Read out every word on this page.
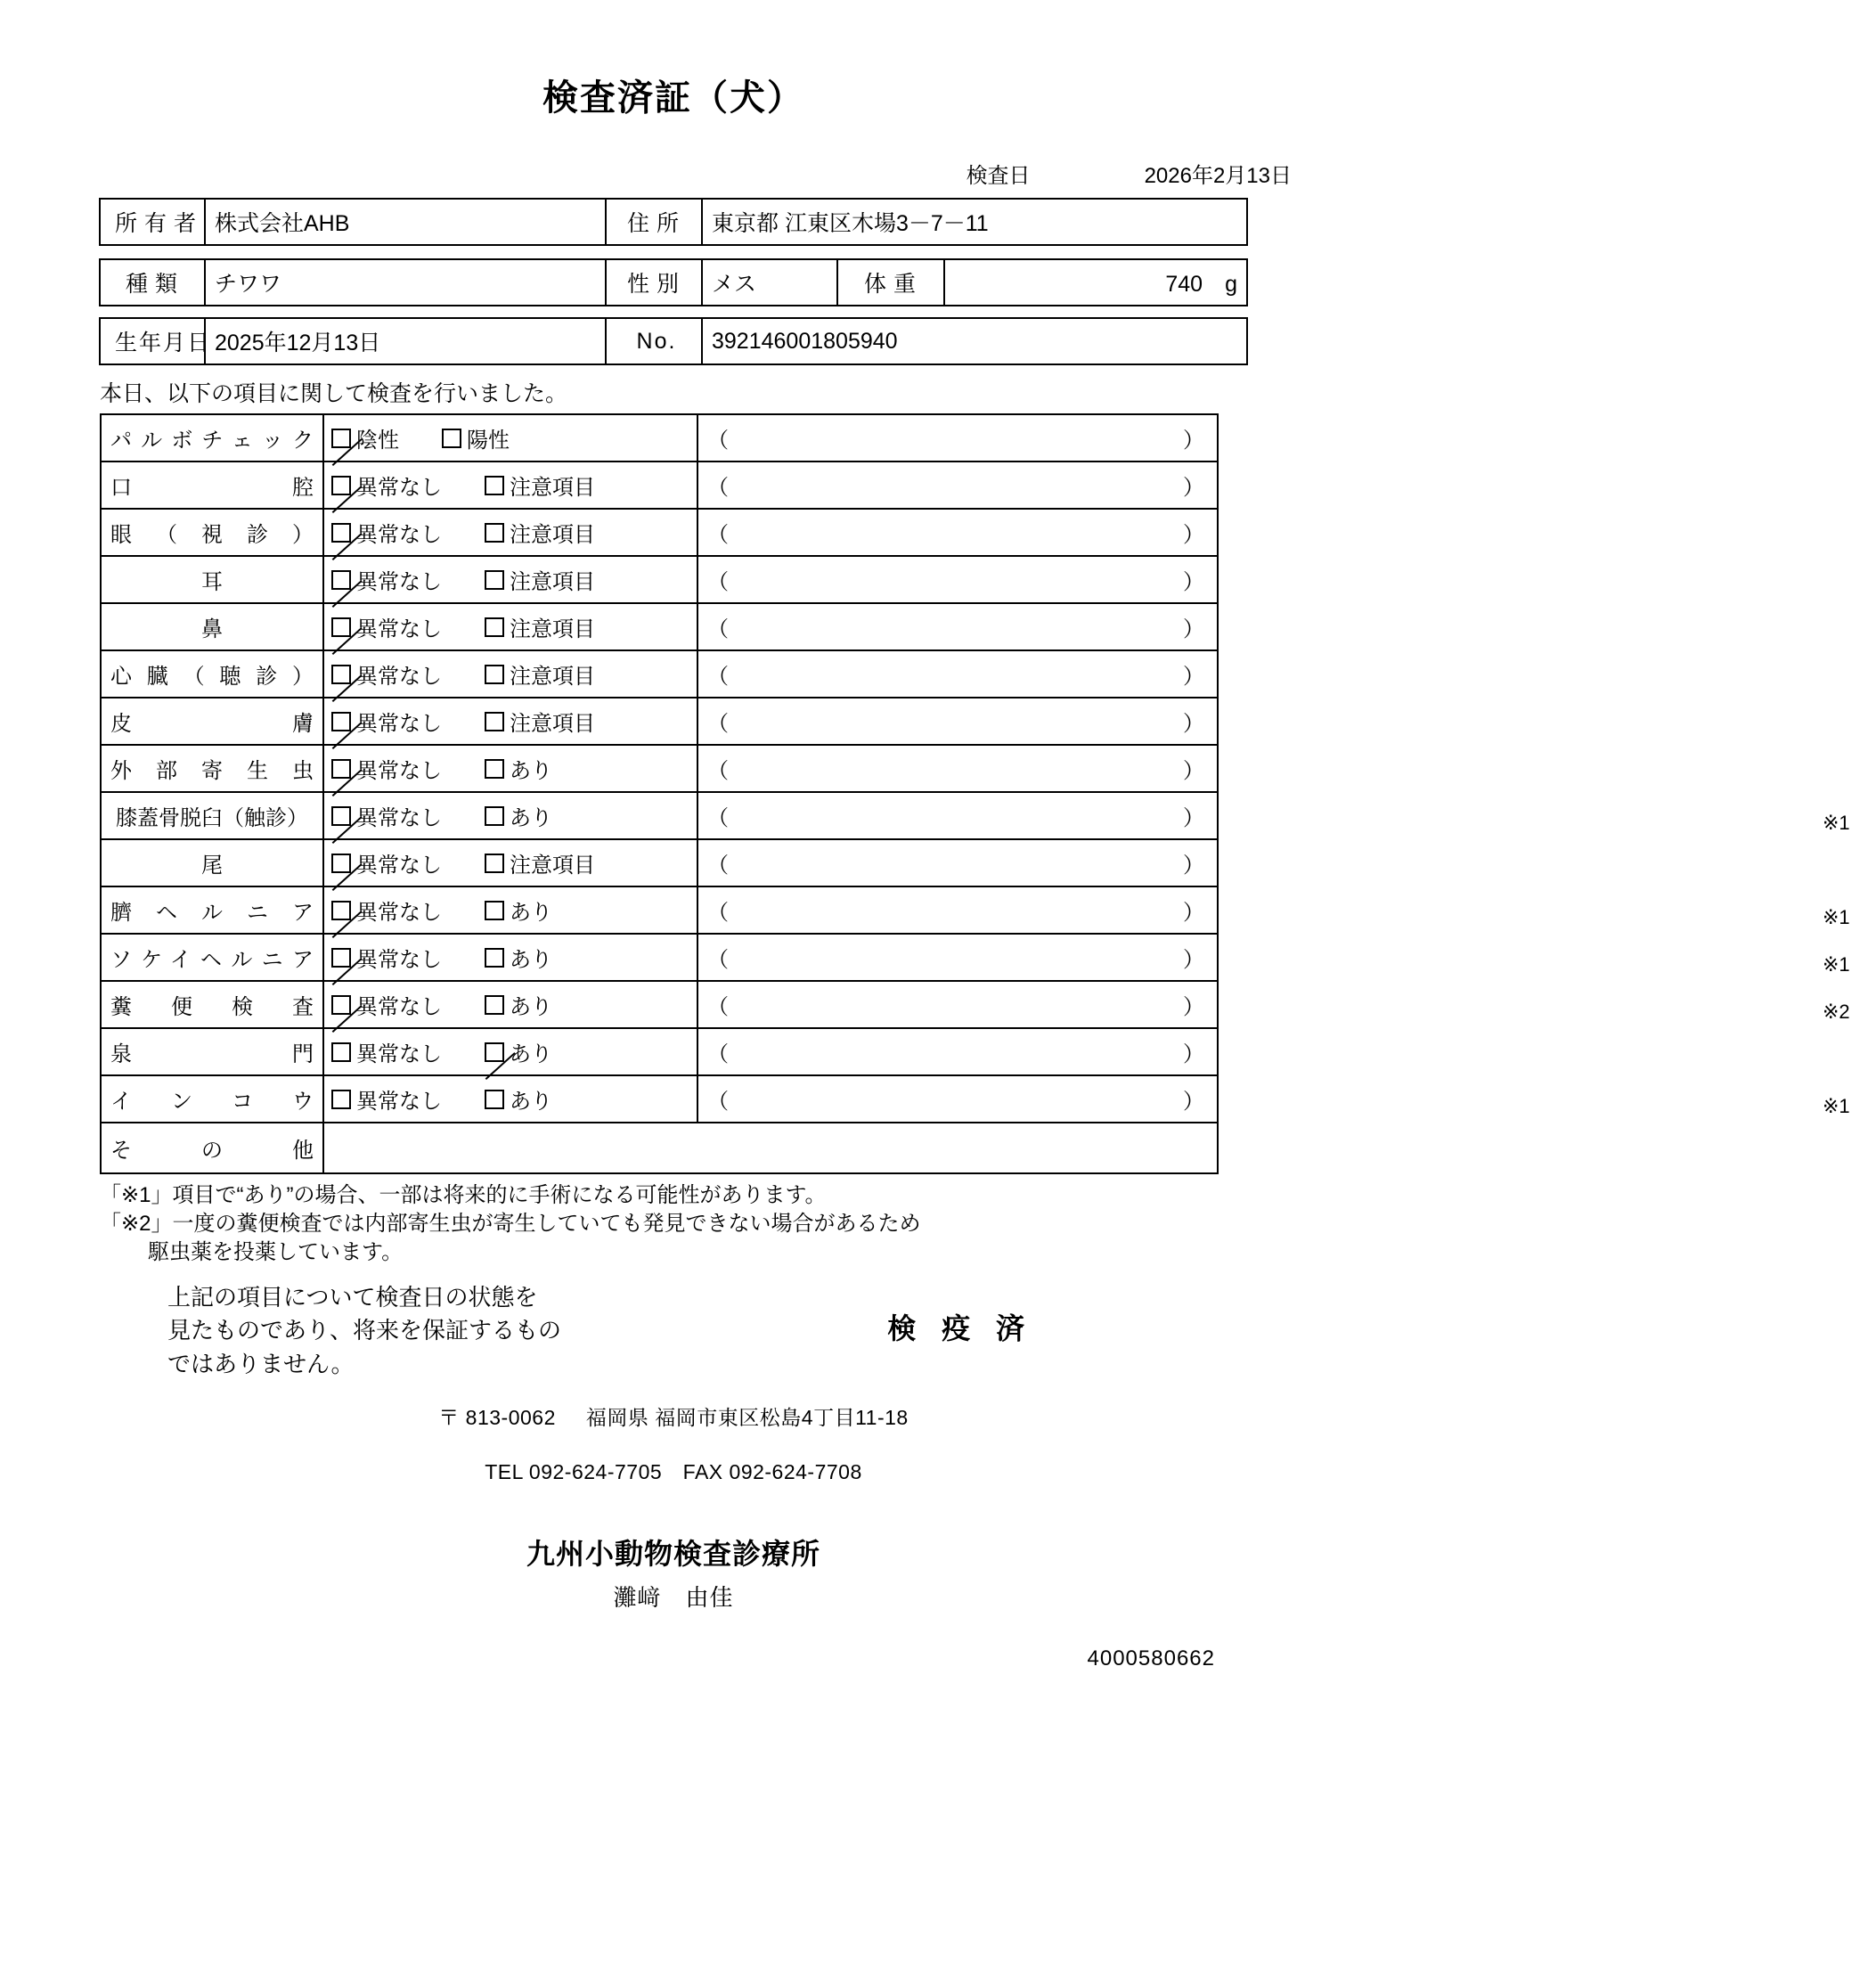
検査済証（犬）
検査日	2026年2月13日
所有者	株式会社AHB	住所	東京都 江東区木場3－7－11
種類	チワワ	性別	メス	体重	740　g

生年月日	2025年12月13日	No.	392146001805940		
本日、以下の項目に関して検査を行いました。
パルボチェック	陰性 陽性	（ ）

口　　　　腔	異常なし 注意項目	（ ）

眼（視診）	異常なし 注意項目	（ ）

耳	異常なし 注意項目	（ ）

鼻	異常なし 注意項目	（ ）

心臓（聴診）	異常なし 注意項目	（ ）

皮　　　　膚	異常なし 注意項目	（ ）

外部寄生虫	異常なし あり	（ ）

膝蓋骨脱臼（触診）	異常なし あり	（ ） ※1

尾	異常なし 注意項目	（ ）

臍ヘルニア	異常なし あり	（ ） ※1

ソケイヘルニア	異常なし あり	（ ） ※1

糞便検査	異常なし あり	（ ） ※2

泉　　　　門	異常なし あり	（ ）

インコウ	異常なし あり	（ ） ※1

そ　の　他		
「※1」項目で“あり”の場合、一部は将来的に手術になる可能性があります。
「※2」一度の糞便検査では内部寄生虫が寄生していても発見できない場合があるため
駆虫薬を投薬しています。
上記の項目について検査日の状態を
見たものであり、将来を保証するもの
ではありません。
検 疫 済
〒 813-0062 福岡県 福岡市東区松島4丁目11-18
TEL 092-624-7705　FAX 092-624-7708
九州小動物検査診療所
灘﨑　由佳
4000580662
